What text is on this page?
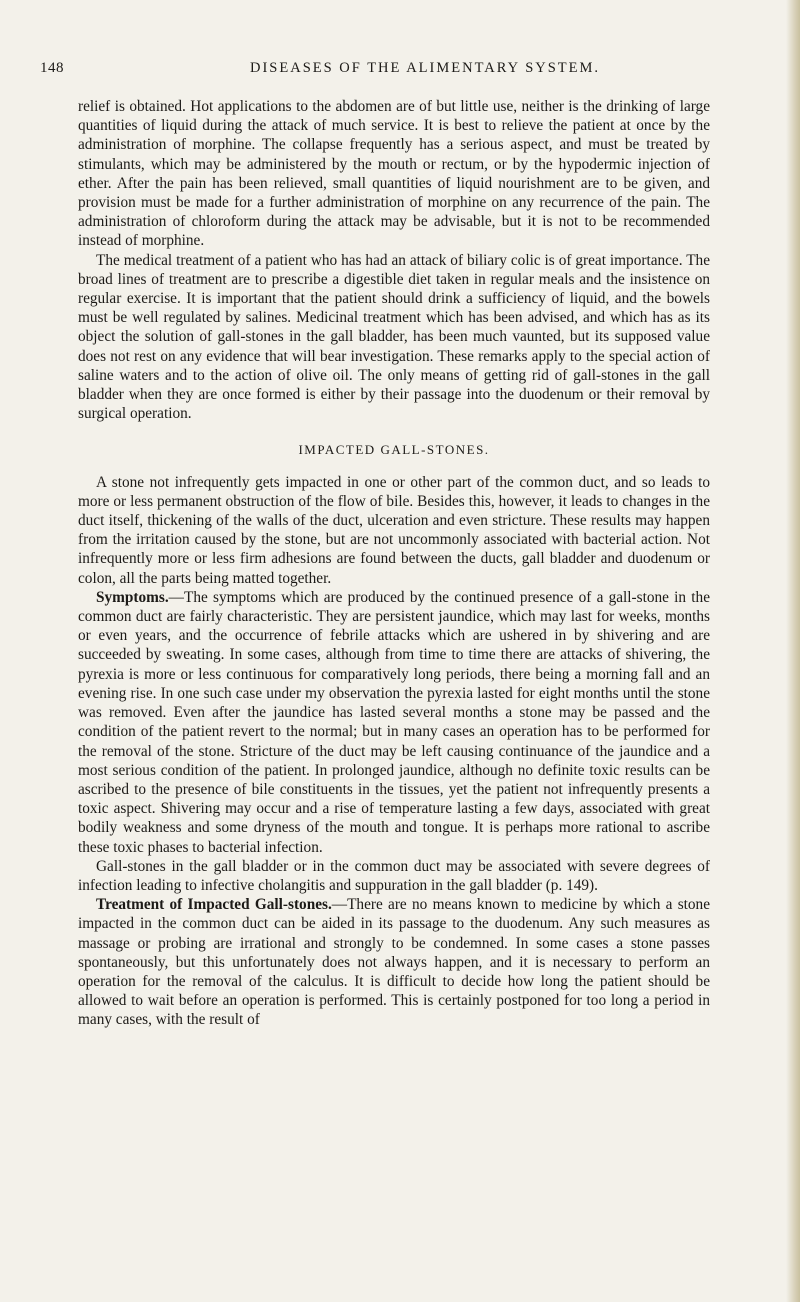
148	DISEASES OF THE ALIMENTARY SYSTEM.

relief is obtained. Hot applications to the abdomen are of but little use, neither is the drinking of large quantities of liquid during the attack of much service. It is best to relieve the patient at once by the administration of morphine. The collapse frequently has a serious aspect, and must be treated by stimulants, which may be administered by the mouth or rectum, or by the hypodermic injection of ether. After the pain has been relieved, small quantities of liquid nourishment are to be given, and provision must be made for a further administration of morphine on any recurrence of the pain. The administration of chloroform during the attack may be advisable, but it is not to be recommended instead of morphine.

The medical treatment of a patient who has had an attack of biliary colic is of great importance. The broad lines of treatment are to prescribe a digestible diet taken in regular meals and the insistence on regular exercise. It is important that the patient should drink a sufficiency of liquid, and the bowels must be well regulated by salines. Medicinal treatment which has been advised, and which has as its object the solution of gall-stones in the gall bladder, has been much vaunted, but its supposed value does not rest on any evidence that will bear investigation. These remarks apply to the special action of saline waters and to the action of olive oil. The only means of getting rid of gall-stones in the gall bladder when they are once formed is either by their passage into the duodenum or their removal by surgical operation.

IMPACTED GALL-STONES.

A stone not infrequently gets impacted in one or other part of the common duct, and so leads to more or less permanent obstruction of the flow of bile. Besides this, however, it leads to changes in the duct itself, thickening of the walls of the duct, ulceration and even stricture. These results may happen from the irritation caused by the stone, but are not uncommonly associated with bacterial action. Not infrequently more or less firm adhesions are found between the ducts, gall bladder and duodenum or colon, all the parts being matted together.

Symptoms.—The symptoms which are produced by the continued presence of a gall-stone in the common duct are fairly characteristic. They are persistent jaundice, which may last for weeks, months or even years, and the occurrence of febrile attacks which are ushered in by shivering and are succeeded by sweating. In some cases, although from time to time there are attacks of shivering, the pyrexia is more or less continuous for comparatively long periods, there being a morning fall and an evening rise. In one such case under my observation the pyrexia lasted for eight months until the stone was removed. Even after the jaundice has lasted several months a stone may be passed and the condition of the patient revert to the normal; but in many cases an operation has to be performed for the removal of the stone. Stricture of the duct may be left causing continuance of the jaundice and a most serious condition of the patient. In prolonged jaundice, although no definite toxic results can be ascribed to the presence of bile constituents in the tissues, yet the patient not infrequently presents a toxic aspect. Shivering may occur and a rise of temperature lasting a few days, associated with great bodily weakness and some dryness of the mouth and tongue. It is perhaps more rational to ascribe these toxic phases to bacterial infection.

Gall-stones in the gall bladder or in the common duct may be associated with severe degrees of infection leading to infective cholangitis and suppuration in the gall bladder (p. 149).

Treatment of Impacted Gall-stones.—There are no means known to medicine by which a stone impacted in the common duct can be aided in its passage to the duodenum. Any such measures as massage or probing are irrational and strongly to be condemned. In some cases a stone passes spontaneously, but this unfortunately does not always happen, and it is necessary to perform an operation for the removal of the calculus. It is difficult to decide how long the patient should be allowed to wait before an operation is performed. This is certainly postponed for too long a period in many cases, with the result of
